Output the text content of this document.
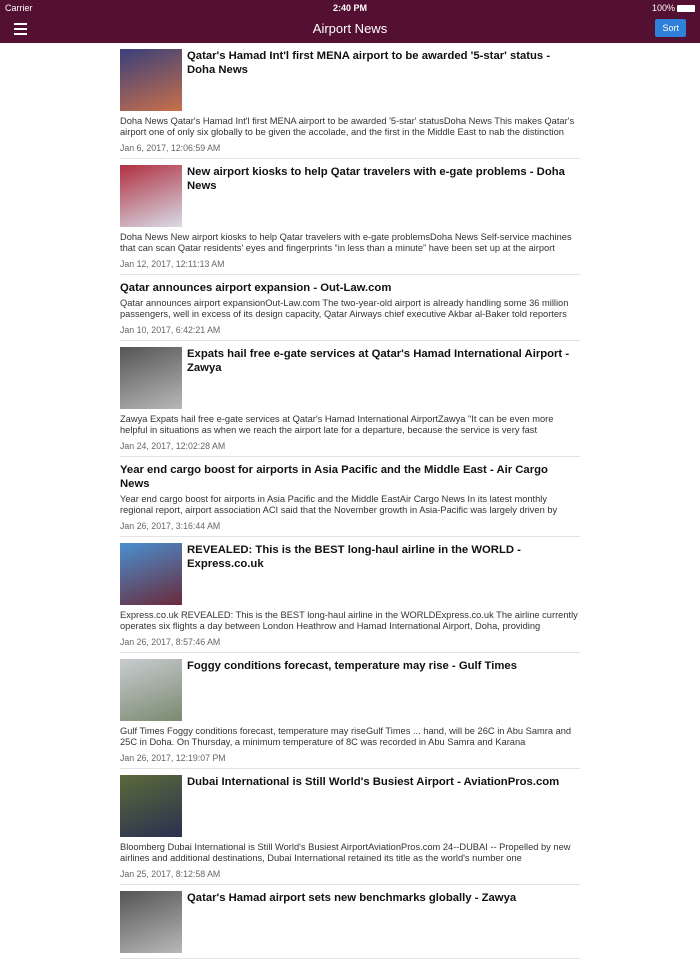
Carrier	2:40 PM	100%
Airport News	Sort
Qatar's Hamad Int'l first MENA airport to be awarded '5-star' status - Doha News
Doha News Qatar's Hamad Int'l first MENA airport to be awarded '5-star' statusDoha News This makes Qatar's airport one of only six globally to be given the accolade, and the first in the Middle East to nab the distinction
Jan 6, 2017, 12:06:59 AM
New airport kiosks to help Qatar travelers with e-gate problems - Doha News
Doha News New airport kiosks to help Qatar travelers with e-gate problemsDoha News Self-service machines that can scan Qatar residents' eyes and fingerprints “in less than a minute” have been set up at the airport
Jan 12, 2017, 12:11:13 AM
Qatar announces airport expansion - Out-Law.com
Qatar announces airport expansionOut-Law.com The two-year-old airport is already handling some 36 million passengers, well in excess of its design capacity, Qatar Airways chief executive Akbar al-Baker told reporters
Jan 10, 2017, 6:42:21 AM
Expats hail free e-gate services at Qatar's Hamad International Airport - Zawya
Zawya Expats hail free e-gate services at Qatar's Hamad International AirportZawya "It can be even more helpful in situations as when we reach the airport late for a departure, because the service is very fast
Jan 24, 2017, 12:02:28 AM
Year end cargo boost for airports in Asia Pacific and the Middle East - Air Cargo News
Year end cargo boost for airports in Asia Pacific and the Middle EastAir Cargo News In its latest monthly regional report, airport association ACI said that the November growth in Asia-Pacific was largely driven by
Jan 26, 2017, 3:16:44 AM
REVEALED: This is the BEST long-haul airline in the WORLD - Express.co.uk
Express.co.uk REVEALED: This is the BEST long-haul airline in the WORLDExpress.co.uk The airline currently operates six flights a day between London Heathrow and Hamad International Airport, Doha, providing
Jan 26, 2017, 8:57:46 AM
Foggy conditions forecast, temperature may rise - Gulf Times
Gulf Times Foggy conditions forecast, temperature may riseGulf Times ... hand, will be 26C in Abu Samra and 25C in Doha. On Thursday, a minimum temperature of 8C was recorded in Abu Samra and Karana
Jan 26, 2017, 12:19:07 PM
Dubai International is Still World's Busiest Airport - AviationPros.com
Bloomberg Dubai International is Still World's Busiest AirportAviationPros.com 24--DUBAI -- Propelled by new airlines and additional destinations, Dubai International retained its title as the world's number one
Jan 25, 2017, 8:12:58 AM
Qatar's Hamad airport sets new benchmarks globally - Zawya
